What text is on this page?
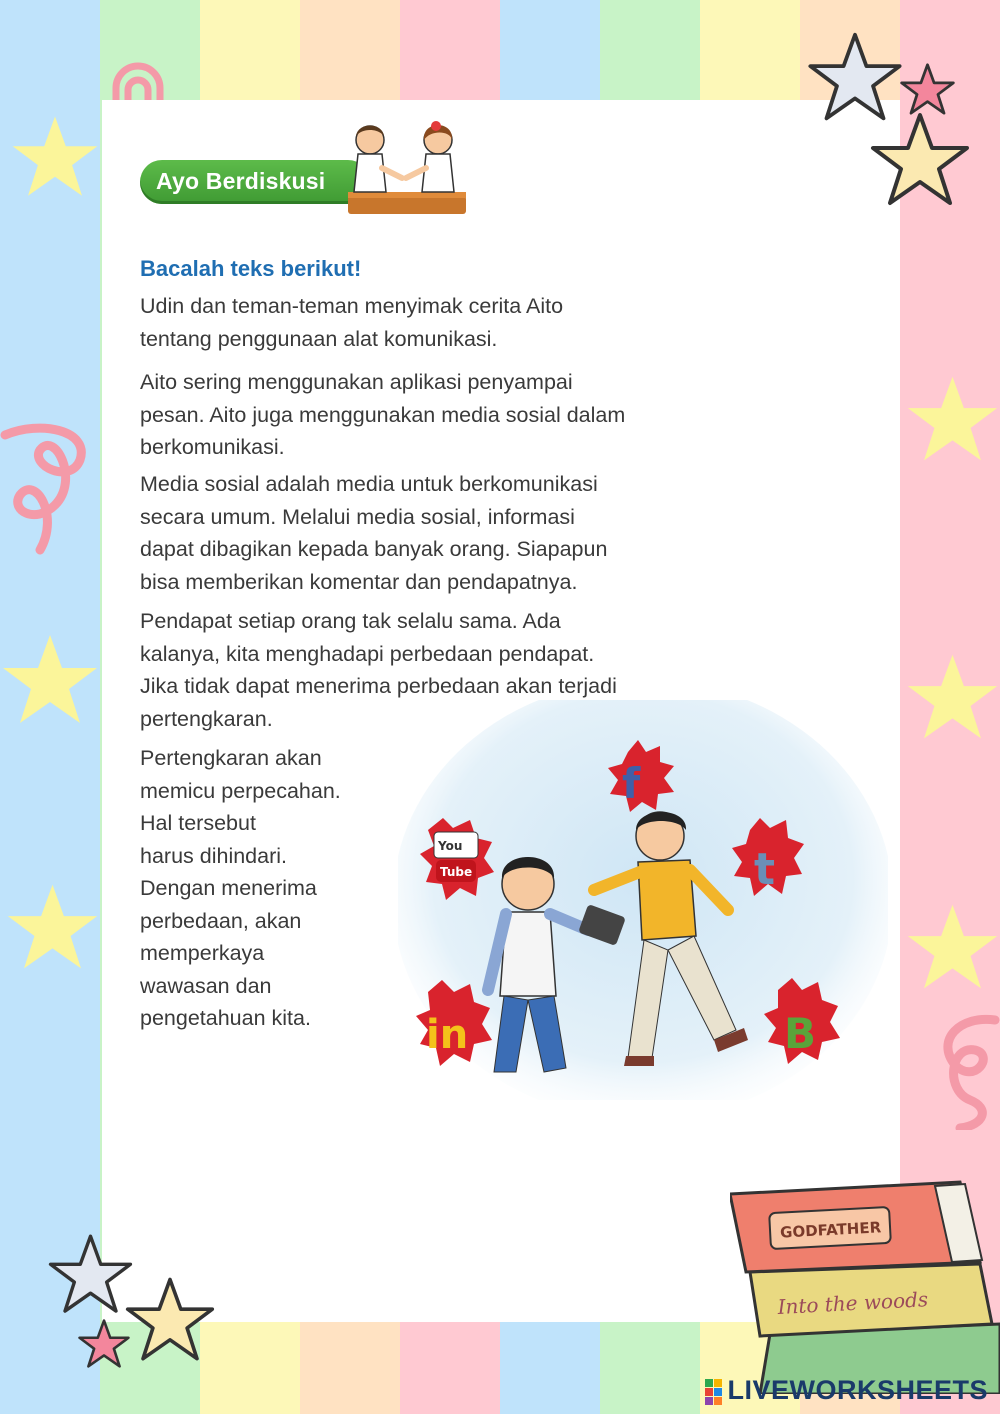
Ayo Berdiskusi

Bacalah teks berikut!

Udin dan teman-teman menyimak cerita Aito
tentang penggunaan alat komunikasi.
Aito sering menggunakan aplikasi penyampai
pesan. Aito juga menggunakan media sosial dalam
berkomunikasi.
Media sosial adalah media untuk berkomunikasi
secara umum. Melalui media sosial, informasi
dapat dibagikan kepada banyak orang. Siapapun
bisa memberikan komentar dan pendapatnya.
Pendapat setiap orang tak selalu sama. Ada
kalanya, kita menghadapi perbedaan pendapat.
Jika tidak dapat menerima perbedaan akan terjadi
pertengkaran.
Pertengkaran akan
memicu perpecahan.
Hal tersebut
harus dihindari.
Dengan menerima
perbedaan, akan
memperkaya
wawasan dan
pengetahuan kita.
f
You
Tube	t
in	B
Into the woods
GODFATHER
LIVEWORKSHEETS
